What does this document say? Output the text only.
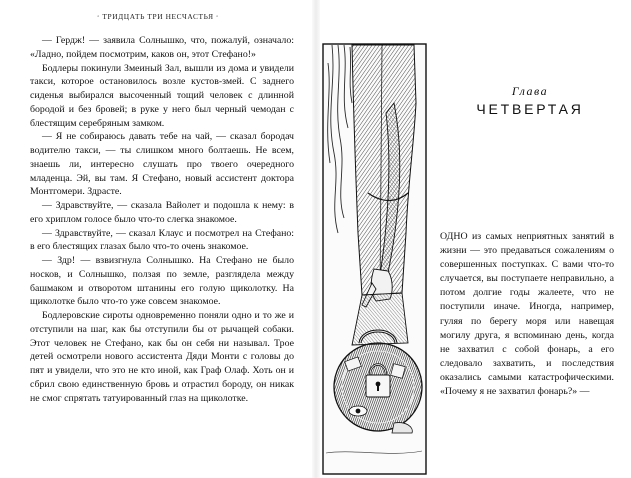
◦ ТРИДЦАТЬ ТРИ НЕСЧАСТЬЯ ◦

— Гердж! — заявила Солнышко, что, пожалуй, означало: «Ладно, пойдем посмотрим, каков он, этот Стефано!»

Бодлеры покинули Змеиный Зал, вышли из дома и увидели такси, которое остановилось возле кустов-змей. С заднего сиденья выбирался высоченный тощий человек с длинной бородой и без бровей; в руке у него был черный чемодан с блестящим серебряным замком.

— Я не собираюсь давать тебе на чай, — сказал бородач водителю такси, — ты слишком много болтаешь. Не всем, знаешь ли, интересно слушать про твоего очередного младенца. Эй, вы там. Я Стефано, новый ассистент доктора Монтгомери. Здрасте.

— Здравствуйте, — сказала Вайолет и подошла к нему: в его хриплом голосе было что-то слегка знакомое.

— Здравствуйте, — сказал Клаус и посмотрел на Стефано: в его блестящих глазах было что-то очень знакомое.

— Здр! — взвизгнула Солнышко. На Стефано не было носков, и Солнышко, ползая по земле, разглядела между башмаком и отворотом штанины его голую щиколотку. На щиколотке было что-то уже совсем знакомое.

Бодлеровские сироты одновременно поняли одно и то же и отступили на шаг, как бы отступили бы от рычащей собаки. Этот человек не Стефано, как бы он себя ни называл. Трое детей осмотрели нового ассистента Дяди Монти с головы до пят и увидели, что это не кто иной, как Граф Олаф. Хоть он и сбрил свою единственную бровь и отрастил бороду, он никак не смог спрятать татуированный глаз на щиколотке.

Глава
ЧЕТВЕРТАЯ

ОДНО из самых неприятных занятий в жизни — это предаваться сожалениям о совершенных поступках. С вами что-то случается, вы поступаете неправильно, а потом долгие годы жалеете, что не поступили иначе. Иногда, например, гуляя по берегу моря или навещая могилу друга, я вспоминаю день, когда не захватил с собой фонарь, а его следовало захватить, и последствия оказались самыми катастрофическими. «Почему я не захватил фонарь?» —
